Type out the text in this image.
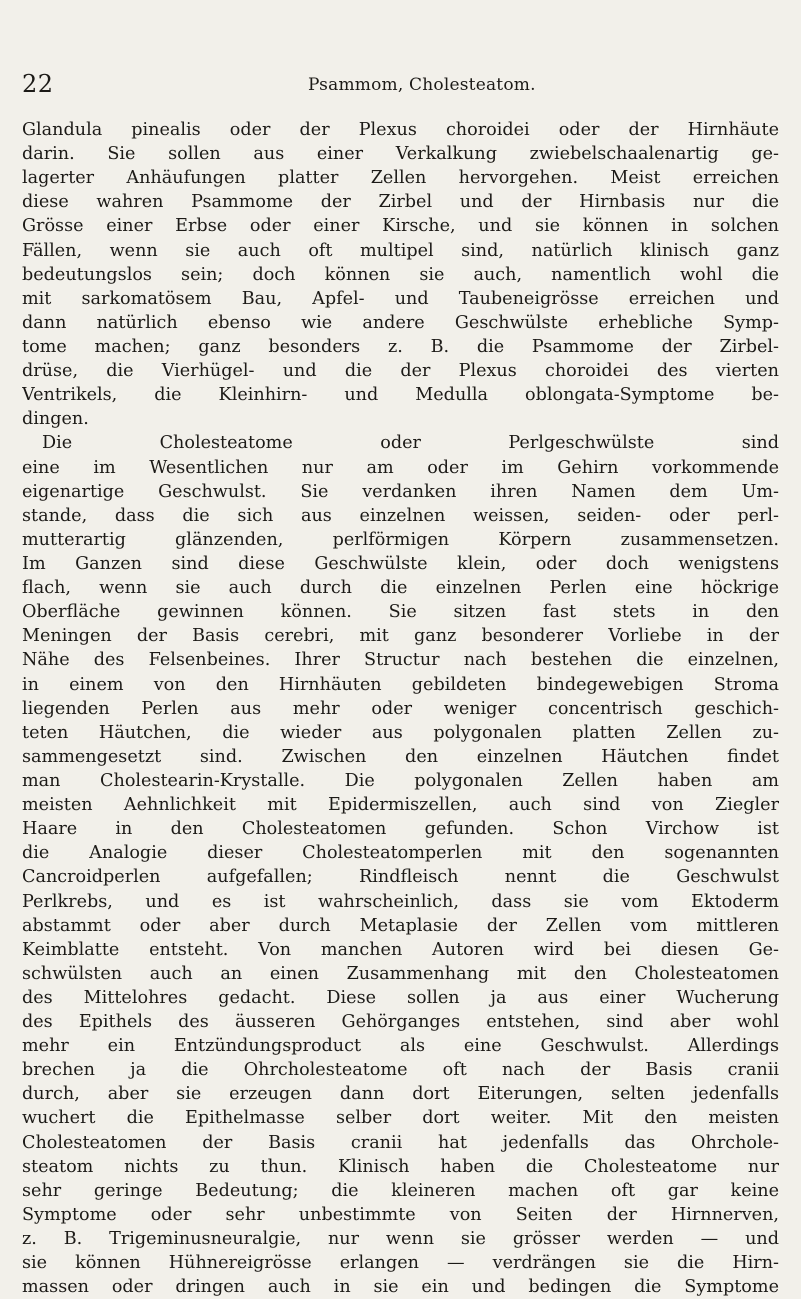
22	Psammom, Cholesteatom.
Glandula pinealis oder der Plexus choroidei oder der Hirnhäute
darin. Sie sollen aus einer Verkalkung zwiebelschaalenartig ge-
lagerter Anhäufungen platter Zellen hervorgehen. Meist erreichen
diese wahren Psammome der Zirbel und der Hirnbasis nur die
Grösse einer Erbse oder einer Kirsche, und sie können in solchen
Fällen, wenn sie auch oft multipel sind, natürlich klinisch ganz
bedeutungslos sein; doch können sie auch, namentlich wohl die
mit sarkomatösem Bau, Apfel- und Taubeneigrösse erreichen und
dann natürlich ebenso wie andere Geschwülste erhebliche Symp-
tome machen; ganz besonders z. B. die Psammome der Zirbel-
drüse, die Vierhügel- und die der Plexus choroidei des vierten
Ventrikels, die Kleinhirn- und Medulla oblongata-Symptome be-
dingen.
Die Cholesteatome oder Perlgeschwülste sind
eine im Wesentlichen nur am oder im Gehirn vorkommende
eigenartige Geschwulst. Sie verdanken ihren Namen dem Um-
stande, dass die sich aus einzelnen weissen, seiden- oder perl-
mutterartig glänzenden, perlförmigen Körpern zusammensetzen.
Im Ganzen sind diese Geschwülste klein, oder doch wenigstens
flach, wenn sie auch durch die einzelnen Perlen eine höckrige
Oberfläche gewinnen können. Sie sitzen fast stets in den
Meningen der Basis cerebri, mit ganz besonderer Vorliebe in der
Nähe des Felsenbeines. Ihrer Structur nach bestehen die einzelnen,
in einem von den Hirnhäuten gebildeten bindegewebigen Stroma
liegenden Perlen aus mehr oder weniger concentrisch geschich-
teten Häutchen, die wieder aus polygonalen platten Zellen zu-
sammengesetzt sind. Zwischen den einzelnen Häutchen findet
man Cholestearin-Krystalle. Die polygonalen Zellen haben am
meisten Aehnlichkeit mit Epidermiszellen, auch sind von Ziegler
Haare in den Cholesteatomen gefunden. Schon Virchow ist
die Analogie dieser Cholesteatomperlen mit den sogenannten
Cancroidperlen aufgefallen; Rindfleisch nennt die Geschwulst
Perlkrebs, und es ist wahrscheinlich, dass sie vom Ektoderm
abstammt oder aber durch Metaplasie der Zellen vom mittleren
Keimblatte entsteht. Von manchen Autoren wird bei diesen Ge-
schwülsten auch an einen Zusammenhang mit den Cholesteatomen
des Mittelohres gedacht. Diese sollen ja aus einer Wucherung
des Epithels des äusseren Gehörganges entstehen, sind aber wohl
mehr ein Entzündungsproduct als eine Geschwulst. Allerdings
brechen ja die Ohrcholesteatome oft nach der Basis cranii
durch, aber sie erzeugen dann dort Eiterungen, selten jedenfalls
wuchert die Epithelmasse selber dort weiter. Mit den meisten
Cholesteatomen der Basis cranii hat jedenfalls das Ohrchole-
steatom nichts zu thun. Klinisch haben die Cholesteatome nur
sehr geringe Bedeutung; die kleineren machen oft gar keine
Symptome oder sehr unbestimmte von Seiten der Hirnnerven,
z. B. Trigeminusneuralgie, nur wenn sie grösser werden — und
sie können Hühnereigrösse erlangen — verdrängen sie die Hirn-
massen oder dringen auch in sie ein und bedingen die Symptome
